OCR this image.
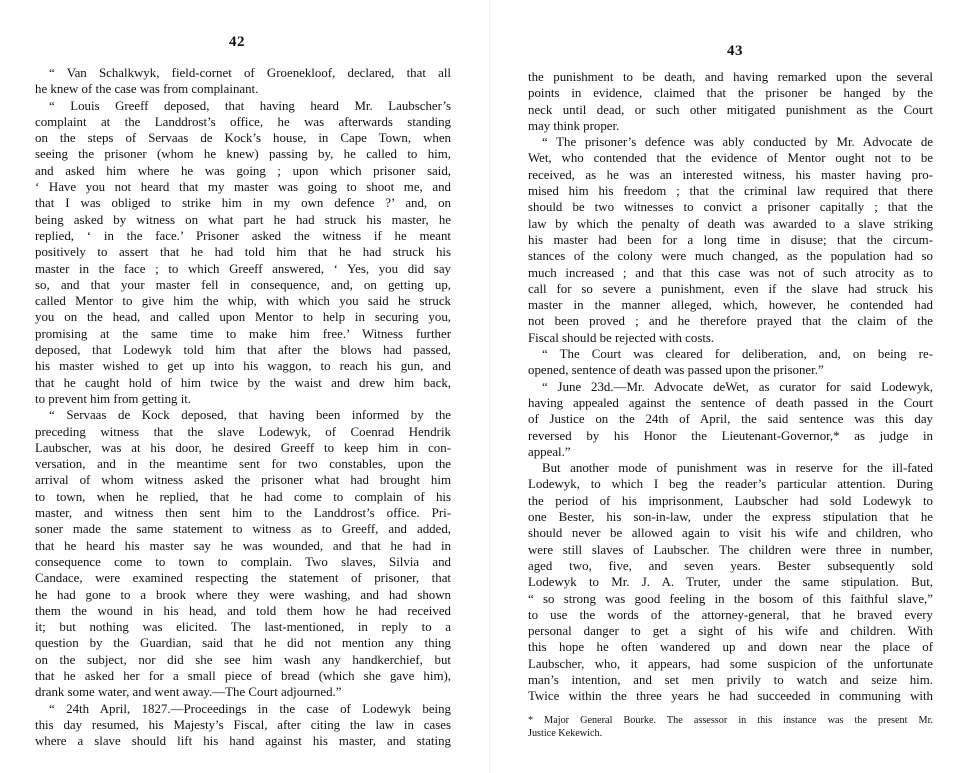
42
“ Van Schalkwyk, field-cornet of Groenekloof, declared, that all
he knew of the case was from complainant.
“ Louis Greeff deposed, that having heard Mr. Laubscher’s
complaint at the Landdrost’s office, he was afterwards standing
on the steps of Servaas de Kock’s house, in Cape Town, when
seeing the prisoner (whom he knew) passing by, he called to him,
and asked him where he was going ; upon which prisoner said,
‘ Have you not heard that my master was going to shoot me, and
that I was obliged to strike him in my own defence ?’ and, on
being asked by witness on what part he had struck his master, he
replied, ‘ in the face.’ Prisoner asked the witness if he meant
positively to assert that he had told him that he had struck his
master in the face ; to which Greeff answered, ‘ Yes, you did say
so, and that your master fell in consequence, and, on getting up,
called Mentor to give him the whip, with which you said he struck
you on the head, and called upon Mentor to help in securing you,
promising at the same time to make him free.’ Witness further
deposed, that Lodewyk told him that after the blows had passed,
his master wished to get up into his waggon, to reach his gun, and
that he caught hold of him twice by the waist and drew him back,
to prevent him from getting it.
“ Servaas de Kock deposed, that having been informed by the
preceding witness that the slave Lodewyk, of Coenrad Hendrik
Laubscher, was at his door, he desired Greeff to keep him in con-
versation, and in the meantime sent for two constables, upon the
arrival of whom witness asked the prisoner what had brought him
to town, when he replied, that he had come to complain of his
master, and witness then sent him to the Landdrost’s office. Pri-
soner made the same statement to witness as to Greeff, and added,
that he heard his master say he was wounded, and that he had in
consequence come to town to complain. Two slaves, Silvia and
Candace, were examined respecting the statement of prisoner, that
he had gone to a brook where they were washing, and had shown
them the wound in his head, and told them how he had received
it; but nothing was elicited. The last-mentioned, in reply to a
question by the Guardian, said that he did not mention any thing
on the subject, nor did she see him wash any handkerchief, but
that he asked her for a small piece of bread (which she gave him),
drank some water, and went away.—The Court adjourned.”
“ 24th April, 1827.—Proceedings in the case of Lodewyk being
this day resumed, his Majesty’s Fiscal, after citing the law in cases
where a slave should lift his hand against his master, and stating
43
the punishment to be death, and having remarked upon the several
points in evidence, claimed that the prisoner be hanged by the
neck until dead, or such other mitigated punishment as the Court
may think proper.
“ The prisoner’s defence was ably conducted by Mr. Advocate de
Wet, who contended that the evidence of Mentor ought not to be
received, as he was an interested witness, his master having pro-
mised him his freedom ; that the criminal law required that there
should be two witnesses to convict a prisoner capitally ; that the
law by which the penalty of death was awarded to a slave striking
his master had been for a long time in disuse; that the circum-
stances of the colony were much changed, as the population had so
much increased ; and that this case was not of such atrocity as to
call for so severe a punishment, even if the slave had struck his
master in the manner alleged, which, however, he contended had
not been proved ; and he therefore prayed that the claim of the
Fiscal should be rejected with costs.
“ The Court was cleared for deliberation, and, on being re-
opened, sentence of death was passed upon the prisoner.”
“ June 23d.—Mr. Advocate deWet, as curator for said Lodewyk,
having appealed against the sentence of death passed in the Court
of Justice on the 24th of April, the said sentence was this day
reversed by his Honor the Lieutenant-Governor,* as judge in
appeal.”
But another mode of punishment was in reserve for the ill-fated
Lodewyk, to which I beg the reader’s particular attention. During
the period of his imprisonment, Laubscher had sold Lodewyk to
one Bester, his son-in-law, under the express stipulation that he
should never be allowed again to visit his wife and children, who
were still slaves of Laubscher. The children were three in number,
aged two, five, and seven years. Bester subsequently sold
Lodewyk to Mr. J. A. Truter, under the same stipulation. But,
“ so strong was good feeling in the bosom of this faithful slave,”
to use the words of the attorney-general, that he braved every
personal danger to get a sight of his wife and children. With
this hope he often wandered up and down near the place of
Laubscher, who, it appears, had some suspicion of the unfortunate
man’s intention, and set men privily to watch and seize him.
Twice within the three years he had succeeded in communing with
* Major General Bourke. The assessor in this instance was the present Mr.
Justice Kekewich.
